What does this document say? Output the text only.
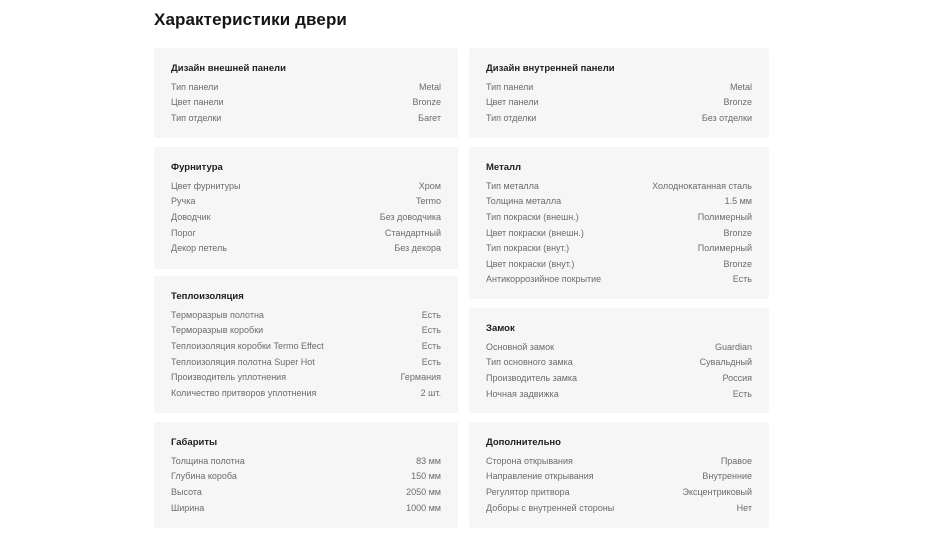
Характеристики двери
Дизайн внешней панели
Тип панели	Metal
Цвет панели	Bronze
Тип отделки	Багет
Фурнитура
Цвет фурнитуры	Хром
Ручка	Termo
Доводчик	Без доводчика
Порог	Стандартный
Декор петель	Без декора
Теплоизоляция
Терморазрыв полотна	Есть
Терморазрыв коробки	Есть
Теплоизоляция коробки Termo Effect	Есть
Теплоизоляция полотна Super Hot	Есть
Производитель уплотнения	Германия
Количество притворов уплотнения	2 шт.
Габариты
Толщина полотна	83 мм
Глубина короба	150 мм
Высота	2050 мм
Ширина	1000 мм
Дизайн внутренней панели
Тип панели	Metal
Цвет панели	Bronze
Тип отделки	Без отделки
Металл
Тип металла	Холоднокатанная сталь
Толщина металла	1.5 мм
Тип покраски (внешн.)	Полимерный
Цвет покраски (внешн.)	Bronze
Тип покраски (внут.)	Полимерный
Цвет покраски (внут.)	Bronze
Антикоррозийное покрытие	Есть
Замок
Основной замок	Guardian
Тип основного замка	Сувальдный
Производитель замка	Россия
Ночная задвижка	Есть
Дополнительно
Сторона открывания	Правое
Направление открывания	Внутренние
Регулятор притвора	Эксцентриковый
Доборы с внутренней стороны	Нет
